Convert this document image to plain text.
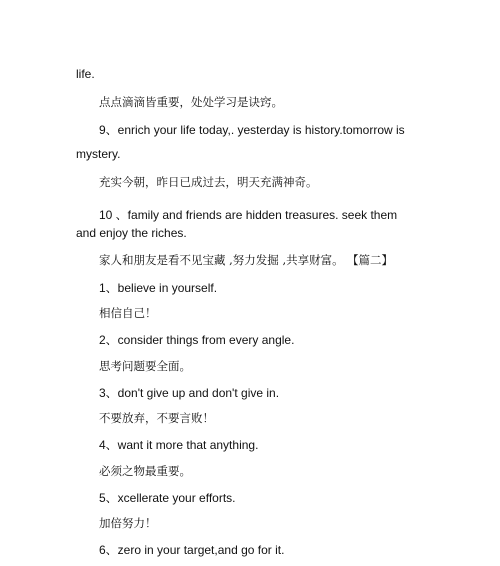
life.
点点滴滴皆重要，处处学习是诀窍。
9、enrich your life today,. yesterday is history.tomorrow is
mystery.
充实今朝，昨日已成过去，明天充满神奇。
10 、family and friends are hidden treasures. seek them
and enjoy the riches.
家人和朋友是看不见宝藏 ,努力发掘 ,共享财富。 【篇二】
1、believe in yourself.
相信自己！
2、consider things from every angle.
思考问题要全面。
3、don't give up and don't give in.
不要放弃，不要言败！
4、want it more that anything.
必须之物最重要。
5、xcellerate your efforts.
加倍努力！
6、zero in your target,and go for it.
